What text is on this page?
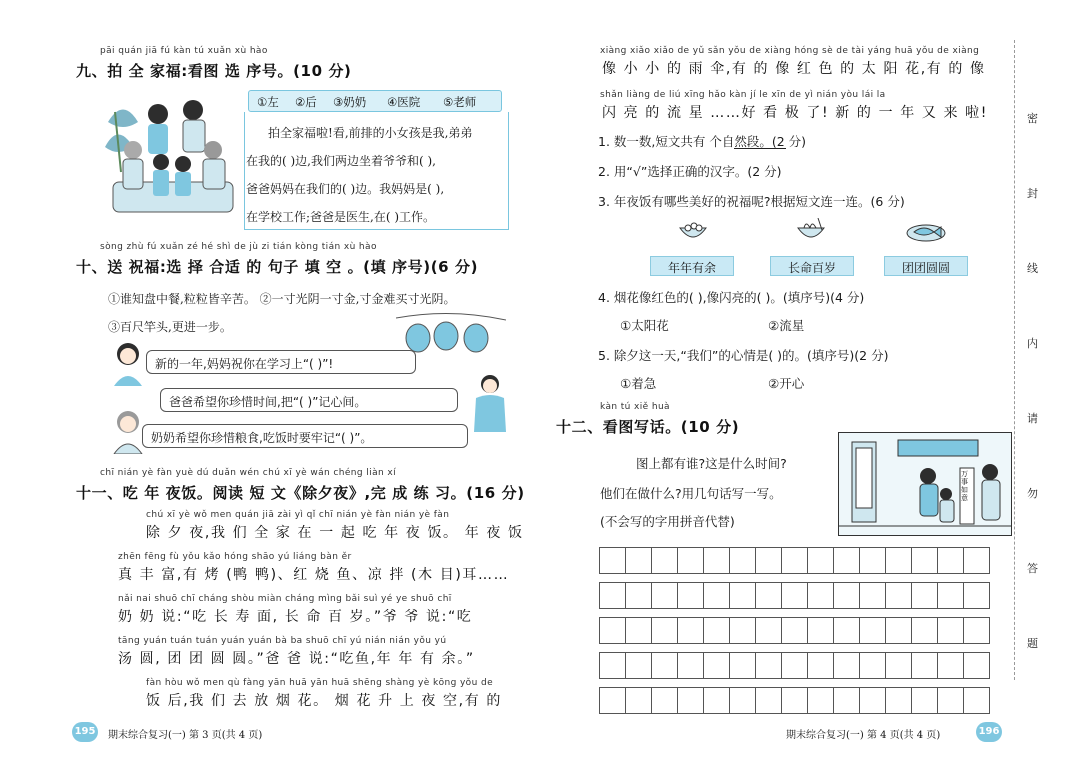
pāi quán jiā fú kàn tú xuǎn xù hào
九、拍 全 家福:看图 选 序号。(10 分)
①左 ②后 ③奶奶 ④医院 ⑤老师
拍全家福啦!看,前排的小女孩是我,弟弟
在我的( )边,我们两边坐着爷爷和( ),
爸爸妈妈在我们的( )边。我妈妈是( ),
在学校工作;爸爸是医生,在( )工作。
sòng zhù fú xuǎn zé hé shì de jù zi tián kòng tián xù hào
十、送 祝福:选 择 合适 的 句子 填 空 。(填 序号)(6 分)
①谁知盘中餐,粒粒皆辛苦。 ②一寸光阴一寸金,寸金难买寸光阴。
③百尺竿头,更进一步。
新的一年,妈妈祝你在学习上“( )”!
爸爸希望你珍惜时间,把“( )”记心间。
奶奶希望你珍惜粮食,吃饭时要牢记“( )”。
chī nián yè fàn yuè dú duǎn wén chú xī yè wán chéng liàn xí
十一、吃 年 夜饭。阅读 短 文《除夕夜》,完 成 练 习。(16 分)
chú xī yè wǒ men quán jiā zài yì qǐ chī nián yè fàn nián yè fàn
除 夕 夜,我 们 全 家 在 一 起 吃 年 夜 饭。 年 夜 饭
zhēn fēng fù yǒu kǎo hóng shāo yú liáng bàn ěr
真 丰 富,有 烤 (鸭 鸭)、红 烧 鱼、凉 拌 (木 目)耳……
nǎi nai shuō chī cháng shòu miàn cháng mìng bǎi suì yé ye shuō chī
奶 奶 说:“吃 长 寿 面, 长 命 百 岁。”爷 爷 说:“吃
tāng yuán tuán tuán yuán yuán bà ba shuō chī yú nián nián yǒu yú
汤 圆, 团 团 圆 圆。”爸 爸 说:“吃鱼,年 年 有 余。”
fàn hòu wǒ men qù fàng yān huā yān huā shēng shàng yè kōng yǒu de
饭 后,我 们 去 放 烟 花。 烟 花 升 上 夜 空,有 的
195 期末综合复习(一) 第 3 页(共 4 页)
xiàng xiǎo xiǎo de yǔ sǎn yǒu de xiàng hóng sè de tài yáng huā yǒu de xiàng
像 小 小 的 雨 伞,有 的 像 红 色 的 太 阳 花,有 的 像
shǎn liàng de liú xīng hǎo kàn jí le xīn de yì nián yòu lái la
闪 亮 的 流 星 ……好 看 极 了! 新 的 一 年 又 来 啦!
1. 数一数,短文共有 个自然段。(2 分)
2. 用“√”选择正确的汉字。(2 分)
3. 年夜饭有哪些美好的祝福呢?根据短文连一连。(6 分)
年年有余	长命百岁	团团圆圆
4. 烟花像红色的( ),像闪亮的( )。(填序号)(4 分)
①太阳花	②流星
5. 除夕这一天,“我们”的心情是( )的。(填序号)(2 分)
①着急	②开心
kàn tú xiě huà
十二、看图写话。(10 分)
图上都有谁?这是什么时间?
他们在做什么?用几句话写一写。
(不会写的字用拼音代替)
万事如意
期末综合复习(一) 第 4 页(共 4 页)	196
密
封
线
内
请
勿
答
题
